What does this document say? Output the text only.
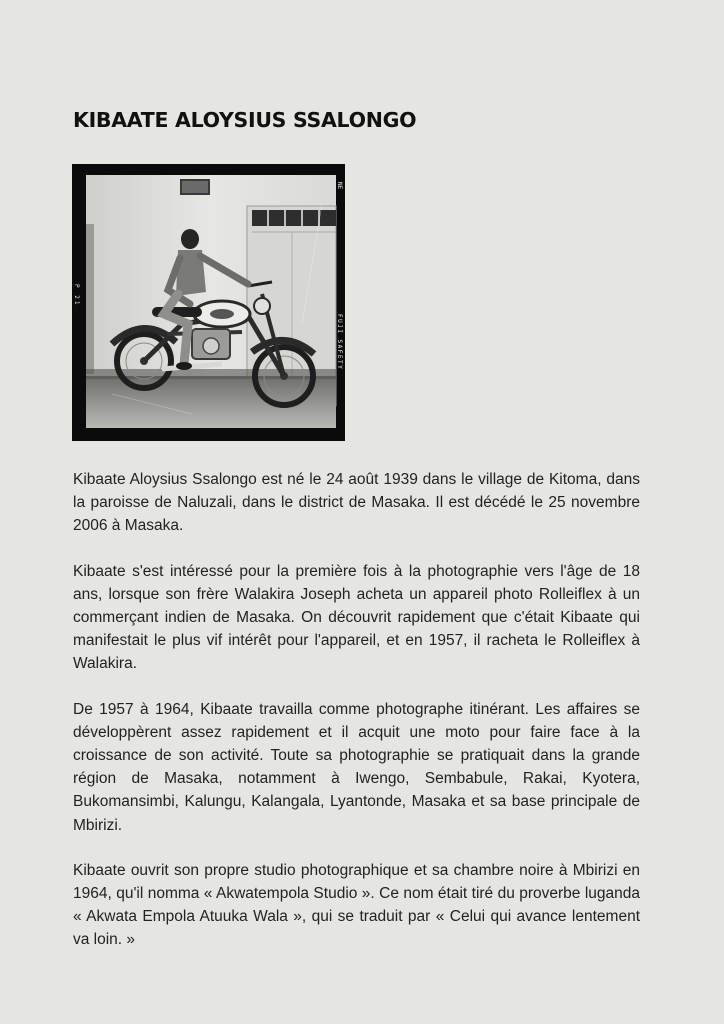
KIBAATE ALOYSIUS SSALONGO
NE
FUJI SAFETY
P 21

Kibaate Aloysius Ssalongo est né le 24 août 1939 dans le village de Kitoma, dans la paroisse de Naluzali, dans le district de Masaka. Il est décédé le 25 novembre 2006 à Masaka.

Kibaate s'est intéressé pour la première fois à la photographie vers l'âge de 18 ans, lorsque son frère Walakira Joseph acheta un appareil photo Rolleiflex à un commerçant indien de Masaka. On découvrit rapidement que c'était Kibaate qui manifestait le plus vif intérêt pour l'appareil, et en 1957, il racheta le Rolleiflex à Walakira.

De 1957 à 1964, Kibaate travailla comme photographe itinérant. Les affaires se développèrent assez rapidement et il acquit une moto pour faire face à la croissance de son activité. Toute sa photographie se pratiquait dans la grande région de Masaka, notamment à Iwengo, Sembabule, Rakai, Kyotera, Bukomansimbi, Kalungu, Kalangala, Lyantonde, Masaka et sa base principale de Mbirizi.

Kibaate ouvrit son propre studio photographique et sa chambre noire à Mbirizi en 1964, qu'il nomma « Akwatempola Studio ». Ce nom était tiré du proverbe luganda « Akwata Empola Atuuka Wala », qui se traduit par « Celui qui avance lentement va loin. »
